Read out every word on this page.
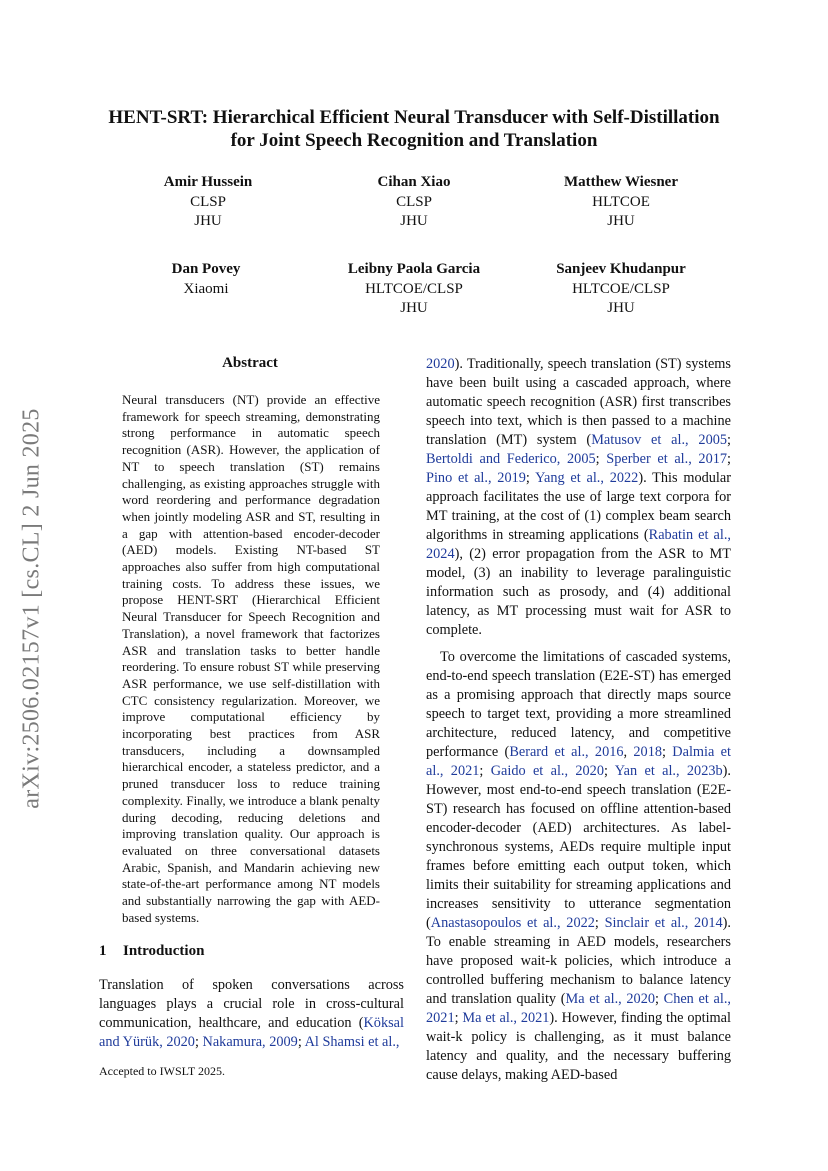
arXiv:2506.02157v1 [cs.CL] 2 Jun 2025
HENT-SRT: Hierarchical Efficient Neural Transducer with Self-Distillation
for Joint Speech Recognition and Translation
Amir Hussein
CLSP
JHU
Cihan Xiao
CLSP
JHU
Matthew Wiesner
HLTCOE
JHU
Dan Povey
Xiaomi
Leibny Paola Garcia
HLTCOE/CLSP
JHU
Sanjeev Khudanpur
HLTCOE/CLSP
JHU
Abstract
Neural transducers (NT) provide an effective framework for speech streaming, demonstrating strong performance in automatic speech recognition (ASR). However, the application of NT to speech translation (ST) remains challenging, as existing approaches struggle with word reordering and performance degradation when jointly modeling ASR and ST, resulting in a gap with attention-based encoder-decoder (AED) models. Existing NT-based ST approaches also suffer from high computational training costs. To address these issues, we propose HENT-SRT (Hierarchical Efficient Neural Transducer for Speech Recognition and Translation), a novel framework that factorizes ASR and translation tasks to better handle reordering. To ensure robust ST while preserving ASR performance, we use self-distillation with CTC consistency regularization. Moreover, we improve computational efficiency by incorporating best practices from ASR transducers, including a downsampled hierarchical encoder, a stateless predictor, and a pruned transducer loss to reduce training complexity. Finally, we introduce a blank penalty during decoding, reducing deletions and improving translation quality. Our approach is evaluated on three conversational datasets Arabic, Spanish, and Mandarin achieving new state-of-the-art performance among NT models and substantially narrowing the gap with AED-based systems.
1 Introduction

Translation of spoken conversations across languages plays a crucial role in cross-cultural communication, healthcare, and education (Köksal and Yürük, 2020; Nakamura, 2009; Al Shamsi et al.,

2020). Traditionally, speech translation (ST) systems have been built using a cascaded approach, where automatic speech recognition (ASR) first transcribes speech into text, which is then passed to a machine translation (MT) system (Matusov et al., 2005; Bertoldi and Federico, 2005; Sperber et al., 2017; Pino et al., 2019; Yang et al., 2022). This modular approach facilitates the use of large text corpora for MT training, at the cost of (1) complex beam search algorithms in streaming applications (Rabatin et al., 2024), (2) error propagation from the ASR to MT model, (3) an inability to leverage paralinguistic information such as prosody, and (4) additional latency, as MT processing must wait for ASR to complete.

To overcome the limitations of cascaded systems, end-to-end speech translation (E2E-ST) has emerged as a promising approach that directly maps source speech to target text, providing a more streamlined architecture, reduced latency, and competitive performance (Berard et al., 2016, 2018; Dalmia et al., 2021; Gaido et al., 2020; Yan et al., 2023b). However, most end-to-end speech translation (E2E-ST) research has focused on offline attention-based encoder-decoder (AED) architectures. As label-synchronous systems, AEDs require multiple input frames before emitting each output token, which limits their suitability for streaming applications and increases sensitivity to utterance segmentation (Anastasopoulos et al., 2022; Sinclair et al., 2014). To enable streaming in AED models, researchers have proposed wait-k policies, which introduce a controlled buffering mechanism to balance latency and translation quality (Ma et al., 2020; Chen et al., 2021; Ma et al., 2021). However, finding the optimal wait-k policy is challenging, as it must balance latency and quality, and the necessary buffering cause delays, making AED-based

Accepted to IWSLT 2025.
